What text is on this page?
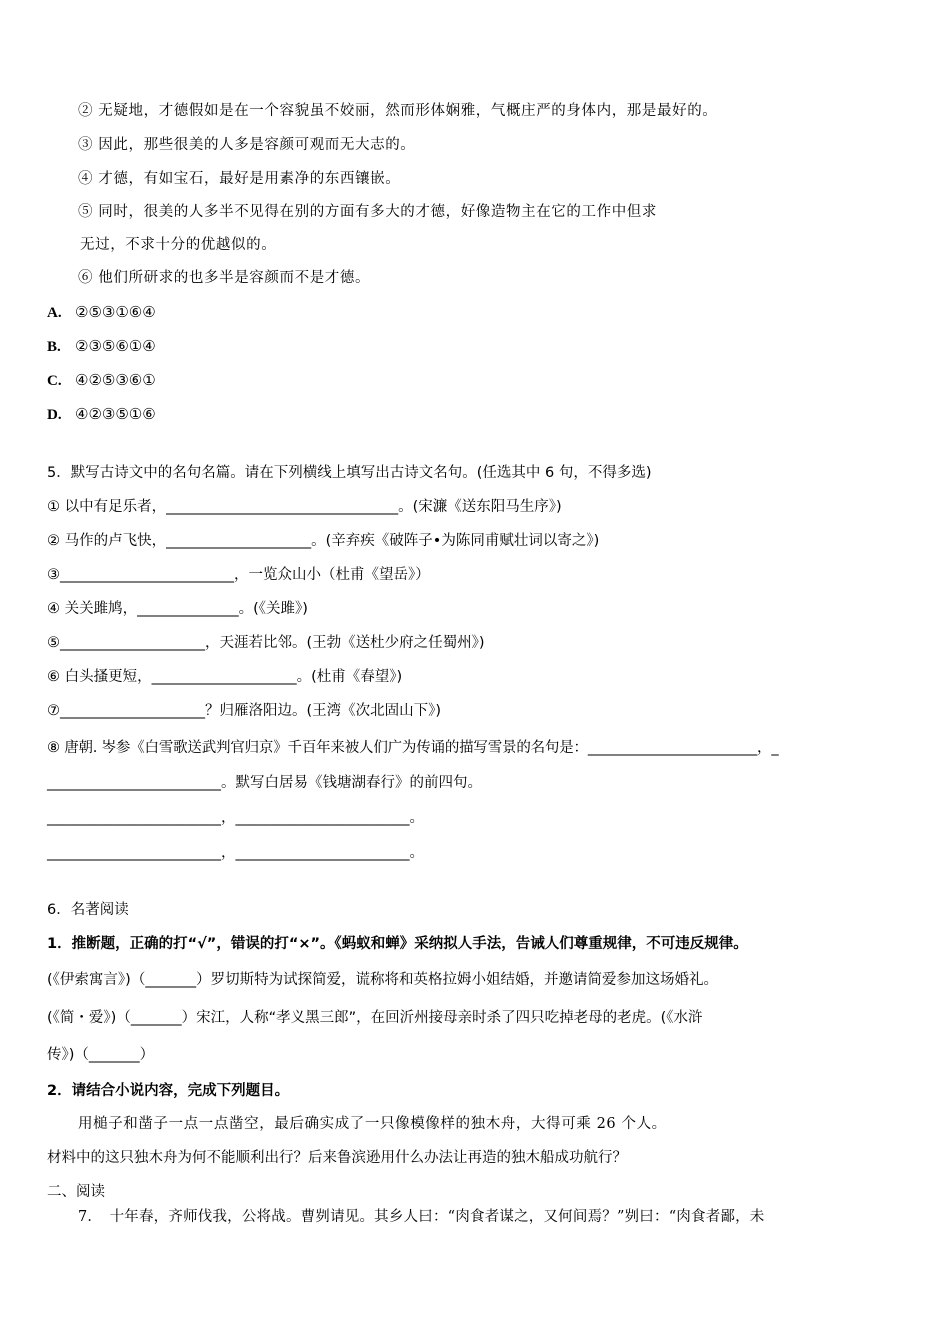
② 无疑地，才德假如是在一个容貌虽不姣丽，然而形体娴雅，气概庄严的身体内，那是最好的。
③ 因此，那些很美的人多是容颜可观而无大志的。
④ 才德，有如宝石，最好是用素净的东西镶嵌。
⑤ 同时，很美的人多半不见得在别的方面有多大的才德，好像造物主在它的工作中但求
无过，不求十分的优越似的。
⑥ 他们所研求的也多半是容颜而不是才德。
A. ②⑤③①⑥④
B. ②③⑤⑥①④
C. ④②⑤③⑥①
D. ④②③⑤①⑥
5．默写古诗文中的名句名篇。请在下列横线上填写出古诗文名句。(任选其中 6 句，不得多选)
① 以中有足乐者，________________________________。(宋濂《送东阳马生序》)
② 马作的卢飞快，____________________。(辛弃疾《破阵子•为陈同甫赋壮词以寄之》)
③________________________，一览众山小（杜甫《望岳》）
④ 关关雎鸠，______________。(《关雎》)
⑤____________________，天涯若比邻。(王勃《送杜少府之任蜀州》)
⑥ 白头搔更短，____________________。(杜甫《春望》)
⑦____________________？归雁洛阳边。(王湾《次北固山下》)
⑧ 唐朝. 岑参《白雪歌送武判官归京》千百年来被人们广为传诵的描写雪景的名句是：________________________，_
________________________。默写白居易《钱塘湖春行》的前四句。
________________________，________________________。
________________________，________________________。
6．名著阅读
1．推断题，正确的打“√”，错误的打“×”。《蚂蚁和蝉》采纳拟人手法，告诫人们尊重规律，不可违反规律。
(《伊索寓言》)（_______）罗切斯特为试探简爱，谎称将和英格拉姆小姐结婚，并邀请简爱参加这场婚礼。
(《简・爱》)（_______）宋江，人称“孝义黑三郎”，在回沂州接母亲时杀了四只吃掉老母的老虎。(《水浒
传》)（_______）
2．请结合小说内容，完成下列题目。
用槌子和凿子一点一点凿空，最后确实成了一只像模像样的独木舟，大得可乘 26 个人。
材料中的这只独木舟为何不能顺利出行？后来鲁滨逊用什么办法让再造的独木船成功航行？
二、阅读
7．　十年春，齐师伐我，公将战。曹刿请见。其乡人曰：“肉食者谋之，又何间焉？”刿曰：“肉食者鄙，未
